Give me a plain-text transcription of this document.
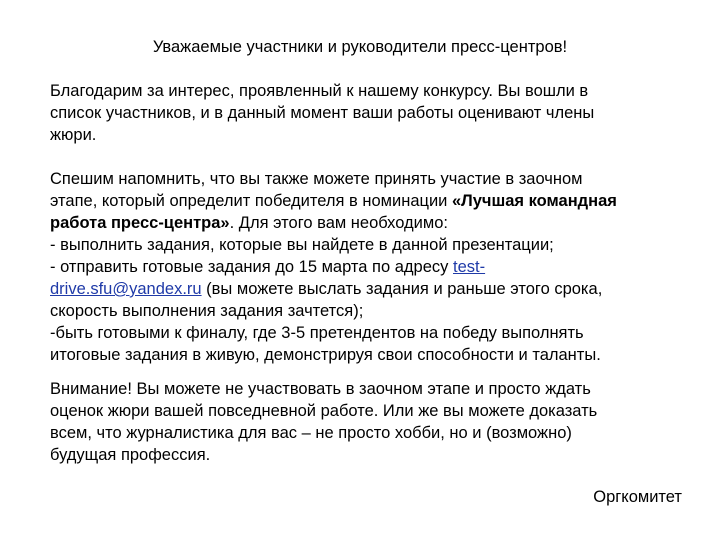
Уважаемые участники и руководители пресс-центров!

Благодарим за интерес, проявленный к нашему конкурсу. Вы вошли в
список участников, и в данный момент ваши работы оценивают члены
жюри.

Спешим напомнить, что вы также можете принять участие в заочном
этапе, который определит победителя в номинации «Лучшая командная
работа пресс-центра». Для этого вам необходимо:
- выполнить задания, которые вы найдете в данной презентации;
- отправить готовые задания до 15 марта по адресу test-
drive.sfu@yandex.ru (вы можете выслать задания и раньше этого срока,
скорость выполнения задания зачтется);
-быть готовыми к финалу, где 3-5 претендентов на победу выполнять
итоговые задания в живую, демонстрируя свои способности и таланты.

Внимание! Вы можете не участвовать в заочном этапе и просто ждать
оценок жюри вашей повседневной работе. Или же вы можете доказать
всем, что журналистика для вас – не просто хобби, но и (возможно)
будущая профессия.

Оргкомитет
